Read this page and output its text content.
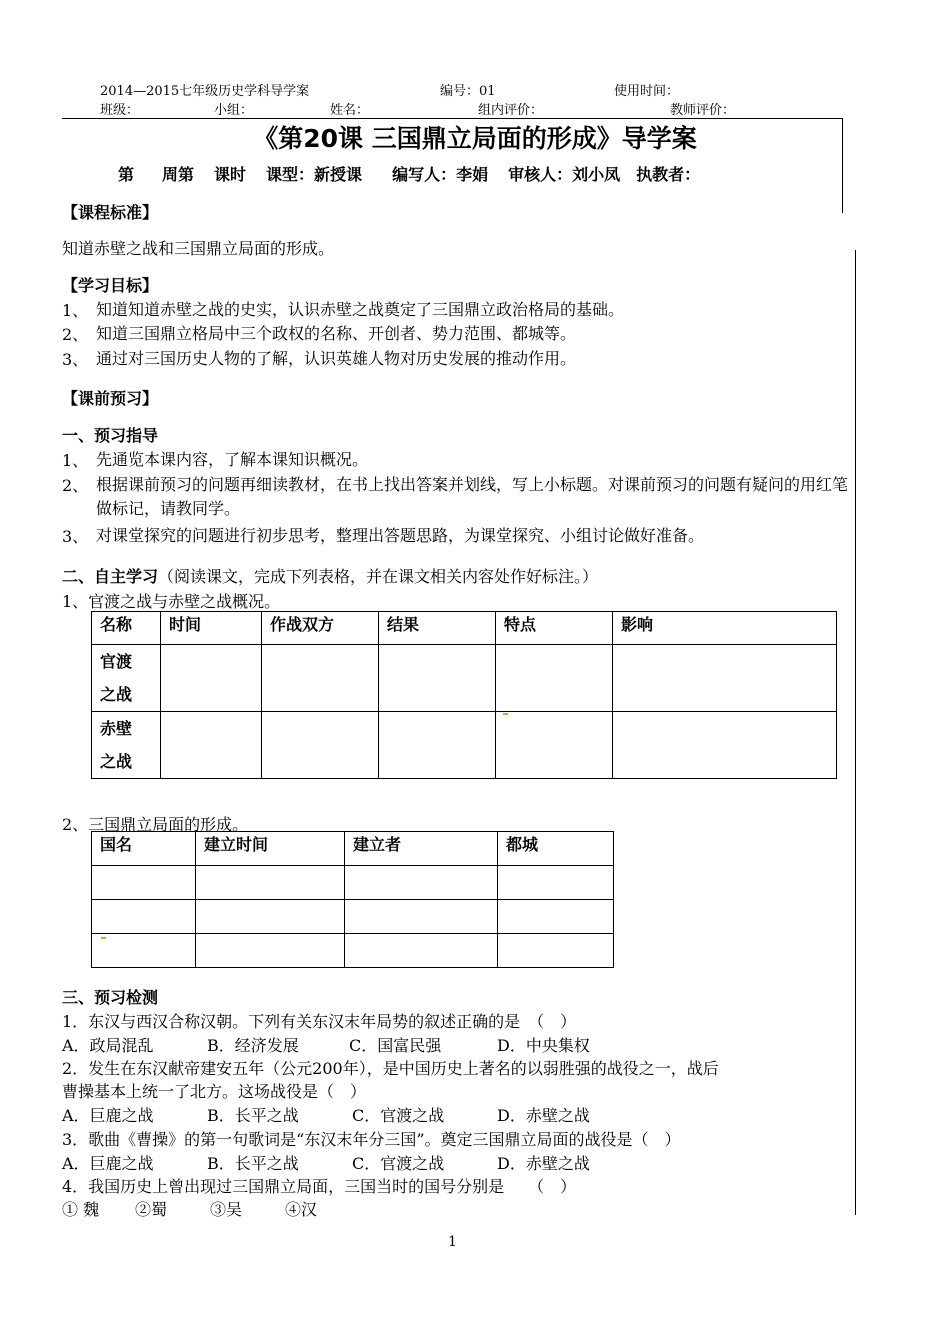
2014—2015七年级历史学科导学案	编号：01	使用时间：
班级：	小组：	姓名：	组内评价：	教师评价：
《第20课 三国鼎立局面的形成》导学案
第 周第 课时 课型：新授课 编写人：李娟 审核人：刘小凤 执教者：
【课程标准】
知道赤壁之战和三国鼎立局面的形成。
【学习目标】
1、 知道知道赤壁之战的史实，认识赤壁之战奠定了三国鼎立政治格局的基础。
2、 知道三国鼎立格局中三个政权的名称、开创者、势力范围、都城等。
3、 通过对三国历史人物的了解，认识英雄人物对历史发展的推动作用。
【课前预习】
一、预习指导
1、 先通览本课内容，了解本课知识概况。
2、 根据课前预习的问题再细读教材，在书上找出答案并划线，写上小标题。对课前预习的问题有疑问的用红笔做标记，请教同学。
3、 对课堂探究的问题进行初步思考，整理出答题思路，为课堂探究、小组讨论做好准备。
二、自主学习（阅读课文，完成下列表格，并在课文相关内容处作好标注。）
1、官渡之战与赤壁之战概况。
名称	时间	作战双方	结果	特点	影响

官渡
之战					

赤壁
之战					

2、三国鼎立局面的形成。
国名	建立时间	建立者	都城

三、预习检测
1．东汉与西汉合称汉朝。下列有关东汉末年局势的叙述正确的是　（　）
A．政局混乱	B．经济发展	C．国富民强	D．中央集权
2．发生在东汉献帝建安五年（公元200年），是中国历史上著名的以弱胜强的战役之一，战后
曹操基本上统一了北方。这场战役是（　）
A．巨鹿之战	B．长平之战	C．官渡之战	D．赤壁之战
3．歌曲《曹操》的第一句歌词是“东汉末年分三国”。奠定三国鼎立局面的战役是（　）
A．巨鹿之战	B．长平之战	C．官渡之战	D．赤壁之战
4．我国历史上曾出现过三国鼎立局面，三国当时的国号分别是　　（　）
① 魏 ②蜀	③吴	④汉
1
